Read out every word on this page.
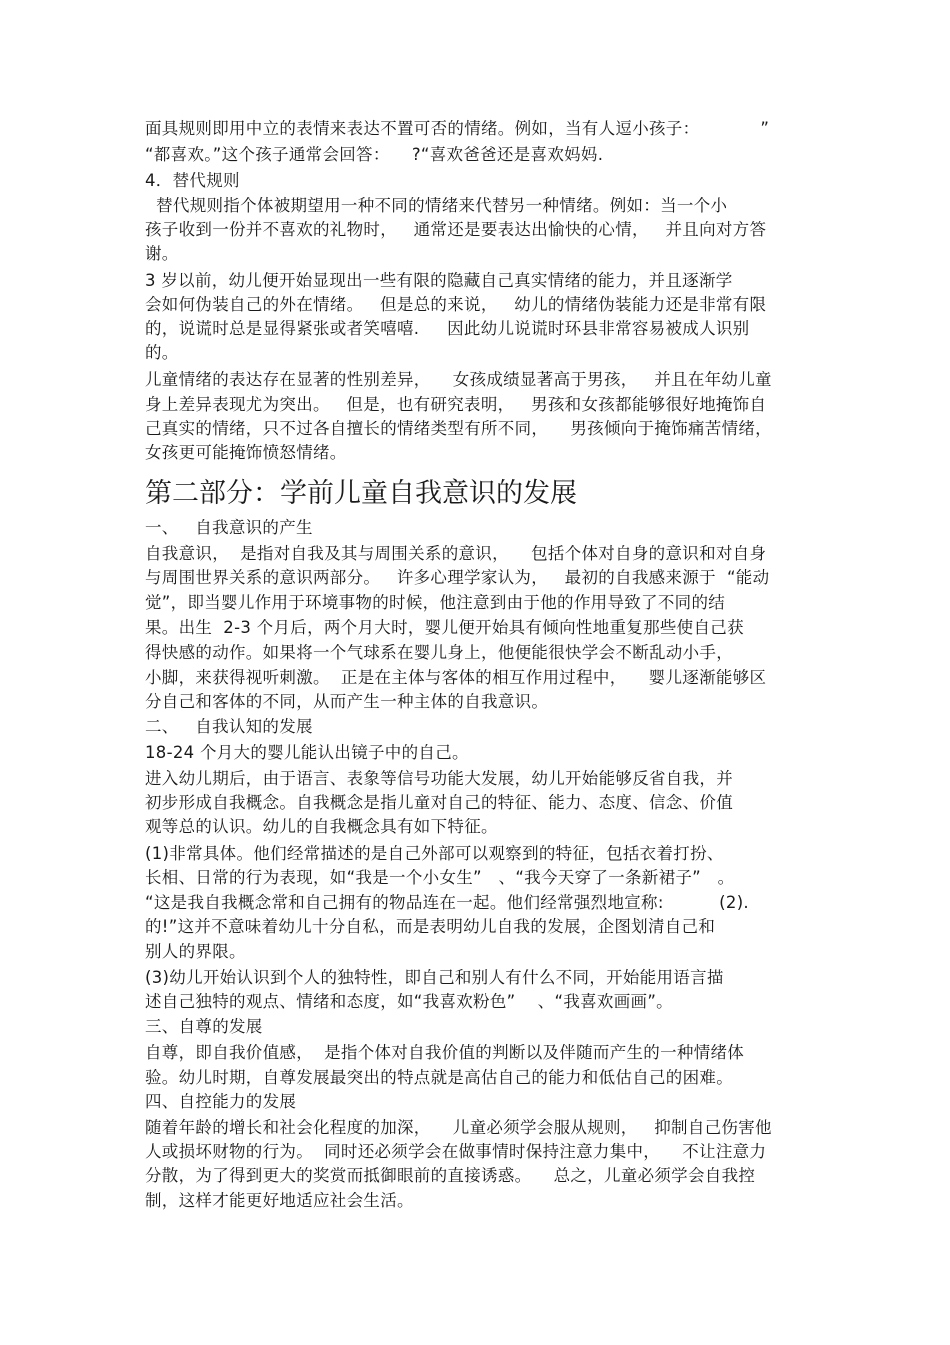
面具规则即用中立的表情来表达不置可否的情绪。例如，当有人逗小孩子：           ”
“都喜欢。”这个孩子通常会回答：    ?“喜欢爸爸还是喜欢妈妈.
4．替代规则
替代规则指个体被期望用一种不同的情绪来代替另一种情绪。例如：当一个小
孩子收到一份并不喜欢的礼物时，   通常还是要表达出愉快的心情，   并且向对方答
谢。
3 岁以前，幼儿便开始显现出一些有限的隐藏自己真实情绪的能力，并且逐渐学
会如何伪装自己的外在情绪。   但是总的来说，   幼儿的情绪伪装能力还是非常有限
的，说谎时总是显得紧张或者笑嘻嘻.     因此幼儿说谎时环县非常容易被成人识别
的。
儿童情绪的表达存在显著的性别差异，    女孩成绩显著高于男孩，   并且在年幼儿童
身上差异表现尤为突出。   但是，也有研究表明，   男孩和女孩都能够很好地掩饰自
己真实的情绪，只不过各自擅长的情绪类型有所不同，    男孩倾向于掩饰痛苦情绪，
女孩更可能掩饰愤怒情绪。
第二部分：学前儿童自我意识的发展
一、   自我意识的产生
自我意识，  是指对自我及其与周围关系的意识，    包括个体对自身的意识和对自身
与周围世界关系的意识两部分。   许多心理学家认为，   最初的自我感来源于  “能动
觉”，即当婴儿作用于环境事物的时候，他注意到由于他的作用导致了不同的结
果。出生  2-3 个月后，两个月大时，婴儿便开始具有倾向性地重复那些使自己获
得快感的动作。如果将一个气球系在婴儿身上，他便能很快学会不断乱动小手，
小脚，来获得视听刺激。  正是在主体与客体的相互作用过程中，    婴儿逐渐能够区
分自己和客体的不同，从而产生一种主体的自我意识。
二、   自我认知的发展
18-24 个月大的婴儿能认出镜子中的自己。
进入幼儿期后，由于语言、表象等信号功能大发展，幼儿开始能够反省自我，并
初步形成自我概念。自我概念是指儿童对自己的特征、能力、态度、信念、价值
观等总的认识。幼儿的自我概念具有如下特征。
(1)非常具体。他们经常描述的是自己外部可以观察到的特征，包括衣着打扮、
长相、日常的行为表现，如“我是一个小女生”   、“我今天穿了一条新裙子”   。
“这是我自我概念常和自己拥有的物品连在一起。他们经常强烈地宣称:          (2).
的!”这并不意味着幼儿十分自私，而是表明幼儿自我的发展，企图划清自己和
别人的界限。
(3)幼儿开始认识到个人的独特性，即自己和别人有什么不同，开始能用语言描
述自己独特的观点、情绪和态度，如“我喜欢粉色”    、“我喜欢画画”。
三、自尊的发展
自尊，即自我价值感，  是指个体对自我价值的判断以及伴随而产生的一种情绪体
验。幼儿时期，自尊发展最突出的特点就是高估自己的能力和低估自己的困难。
四、自控能力的发展
随着年龄的增长和社会化程度的加深，    儿童必须学会服从规则，   抑制自己伤害他
人或损坏财物的行为。  同时还必须学会在做事情时保持注意力集中，    不让注意力
分散，为了得到更大的奖赏而抵御眼前的直接诱惑。    总之，儿童必须学会自我控
制，这样才能更好地适应社会生活。
